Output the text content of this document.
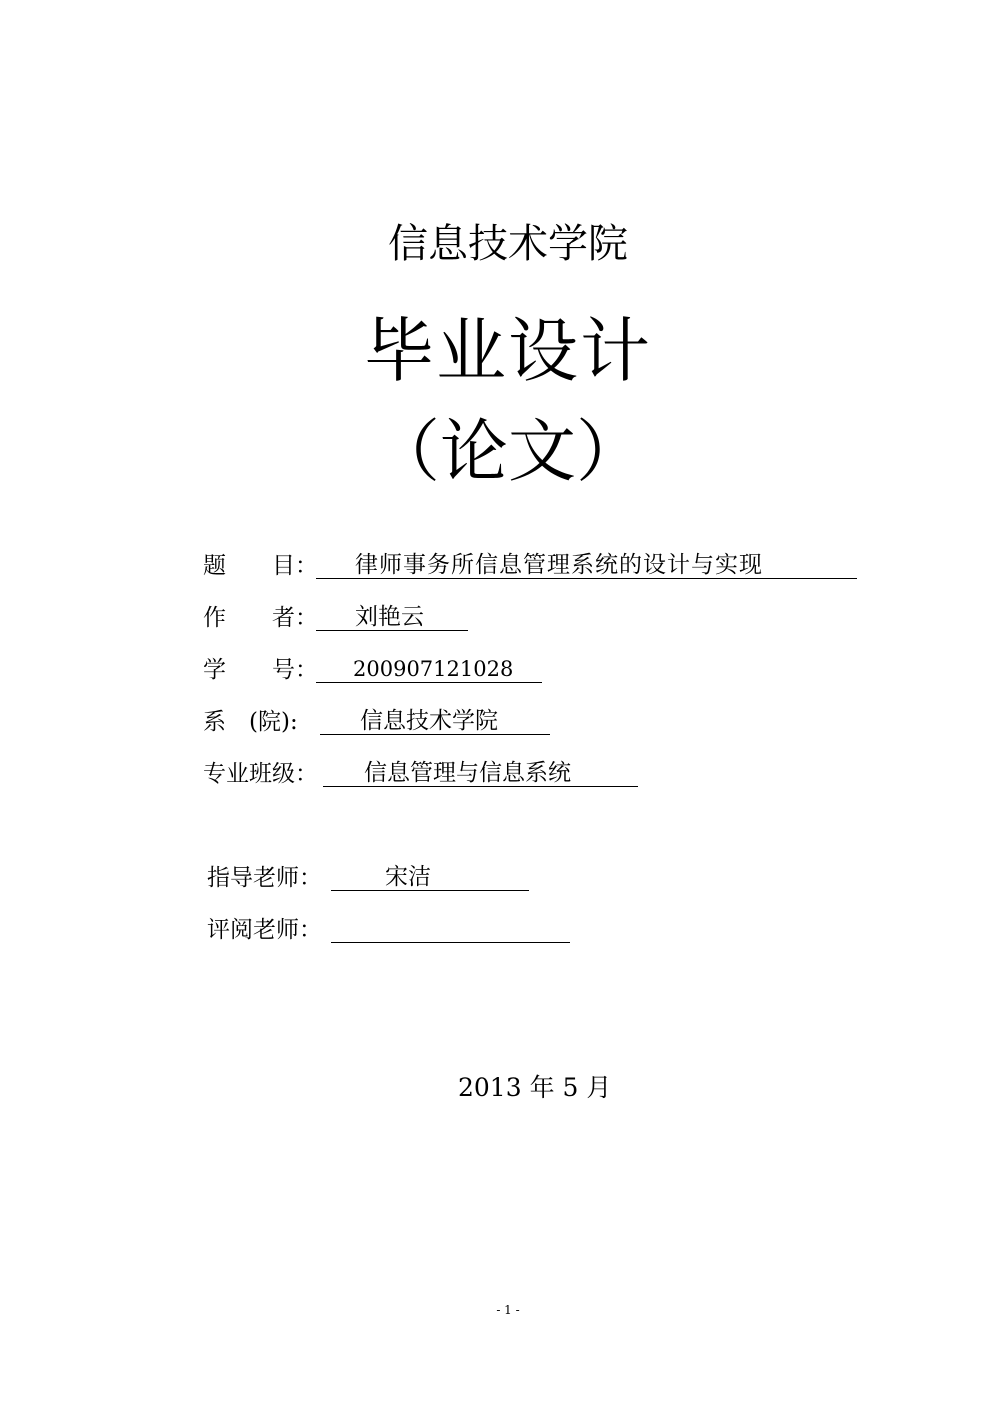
信息技术学院
毕业设计
（论文）
题　　目： 律师事务所信息管理系统的设计与实现
作　　者： 刘艳云
学　　号： 200907121028
系　(院):	信息技术学院
专业班级： 信息管理与信息系统
指导老师：	宋洁
评阅老师：
2013 年 5 月
- 1 -
